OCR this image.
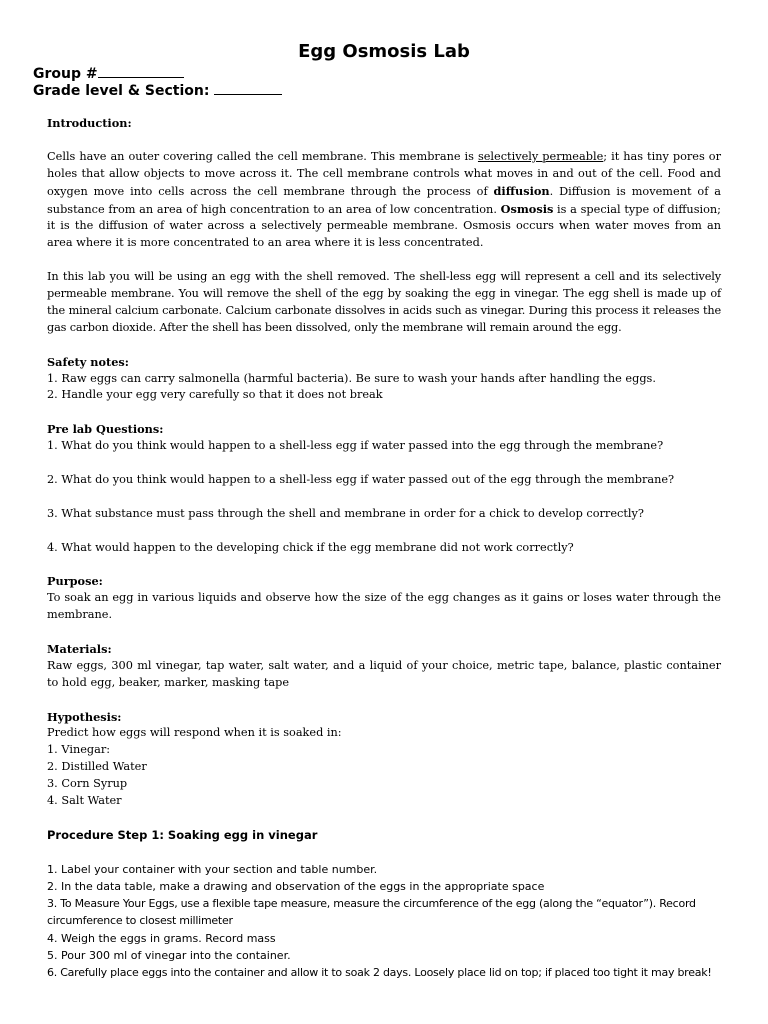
Egg Osmosis Lab
Group #
Grade level & Section:
Introduction:

Cells have an outer covering called the cell membrane. This membrane is selectively permeable; it has tiny pores or holes that allow objects to move across it. The cell membrane controls what moves in and out of the cell. Food and oxygen move into cells across the cell membrane through the process of diffusion. Diffusion is movement of a substance from an area of high concentration to an area of low concentration. Osmosis is a special type of diffusion; it is the diffusion of water across a selectively permeable membrane. Osmosis occurs when water moves from an area where it is more concentrated to an area where it is less concentrated.

In this lab you will be using an egg with the shell removed. The shell-less egg will represent a cell and its selectively permeable membrane. You will remove the shell of the egg by soaking the egg in vinegar. The egg shell is made up of the mineral calcium carbonate. Calcium carbonate dissolves in acids such as vinegar. During this process it releases the gas carbon dioxide. After the shell has been dissolved, only the membrane will remain around the egg.

Safety notes:
1. Raw eggs can carry salmonella (harmful bacteria). Be sure to wash your hands after handling the eggs.
2. Handle your egg very carefully so that it does not break
Pre lab Questions:
1. What do you think would happen to a shell-less egg if water passed into the egg through the membrane?
2. What do you think would happen to a shell-less egg if water passed out of the egg through the membrane?
3. What substance must pass through the shell and membrane in order for a chick to develop correctly?
4. What would happen to the developing chick if the egg membrane did not work correctly?
Purpose:

To soak an egg in various liquids and observe how the size of the egg changes as it gains or loses water through the membrane.

Materials:

Raw eggs, 300 ml vinegar, tap water, salt water, and a liquid of your choice, metric tape, balance, plastic container to hold egg, beaker, marker, masking tape

Hypothesis:
Predict how eggs will respond when it is soaked in:
1. Vinegar:
2. Distilled Water
3. Corn Syrup
4. Salt Water
Procedure Step 1: Soaking egg in vinegar
1. Label your container with your section and table number.
2. In the data table, make a drawing and observation of the eggs in the appropriate space
3. To Measure Your Eggs, use a flexible tape measure, measure the circumference of the egg (along the “equator”). Record circumference to closest millimeter
4. Weigh the eggs in grams. Record mass
5. Pour 300 ml of vinegar into the container.
6. Carefully place eggs into the container and allow it to soak 2 days. Loosely place lid on top; if placed too tight it may break!
